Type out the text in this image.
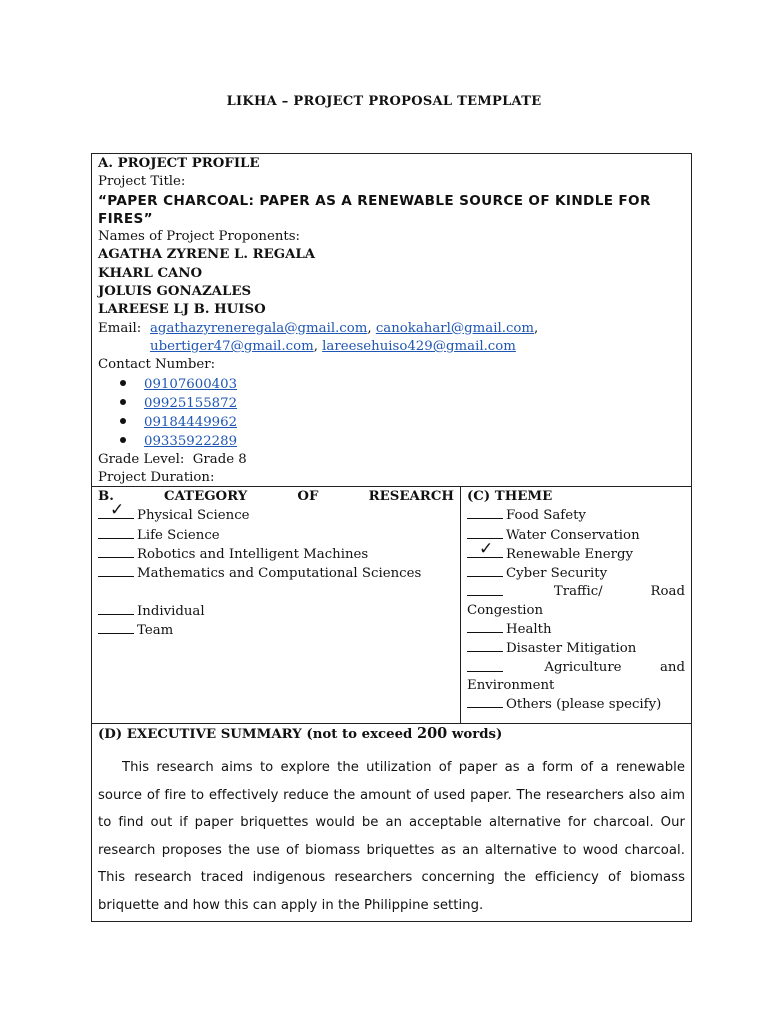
LIKHA – PROJECT PROPOSAL TEMPLATE
A. PROJECT PROFILE
Project Title:
“PAPER CHARCOAL: PAPER AS A RENEWABLE SOURCE OF KINDLE FOR
FIRES”
Names of Project Proponents:
AGATHA ZYRENE L. REGALA
KHARL CANO
JOLUIS GONAZALES
LAREESE LJ B. HUISO
Email: agathazyreneregala@gmail.com, canokaharl@gmail.com,
ubertiger47@gmail.com, lareesehuiso429@gmail.com
Contact Number:
09107600403
09925155872
09184449962
09335922289
Grade Level: Grade 8
Project Duration:
B.	CATEGORY	OF	RESEARCH
✓ Physical Science
Life Science
Robotics and Intelligent Machines
Mathematics and Computational Sciences
Individual
Team
(C) THEME
Food Safety
Water Conservation
✓ Renewable Energy
Cyber Security
Traffic/	Road
Congestion
Health
Disaster Mitigation
Agriculture	and
Environment
Others (please specify)
(D) EXECUTIVE SUMMARY (not to exceed 200 words)
This research aims to explore the utilization of paper as a form of a renewable source of fire to effectively reduce the amount of used paper. The researchers also aim to find out if paper briquettes would be an acceptable alternative for charcoal. Our research proposes the use of biomass briquettes as an alternative to wood charcoal. This research traced indigenous researchers concerning the efficiency of biomass briquette and how this can apply in the Philippine setting.
